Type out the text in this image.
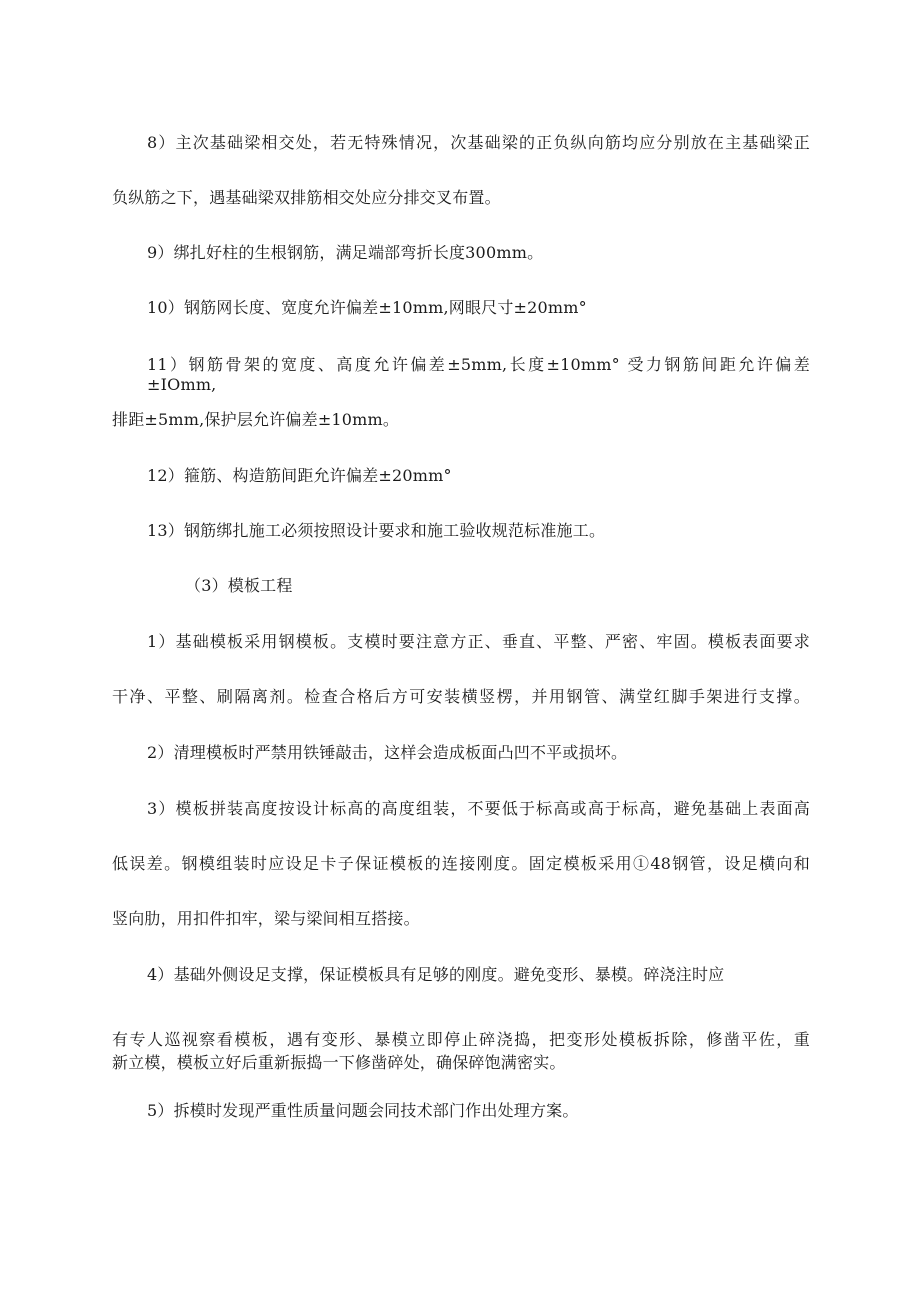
8）主次基础梁相交处，若无特殊情况，次基础梁的正负纵向筋均应分别放在主基础梁正
负纵筋之下，遇基础梁双排筋相交处应分排交叉布置。
9）绑扎好柱的生根钢筋，满足端部弯折长度300mm。
10）钢筋网长度、宽度允许偏差±10mm,网眼尺寸±20mm°
11）钢筋骨架的宽度、高度允许偏差±5mm,长度±10mm° 受力钢筋间距允许偏差±IOmm,
排距±5mm,保护层允许偏差±10mm。
12）箍筋、构造筋间距允许偏差±20mm°
13）钢筋绑扎施工必须按照设计要求和施工验收规范标准施工。
（3）模板工程
1）基础模板采用钢模板。支模时要注意方正、垂直、平整、严密、牢固。模板表面要求
干净、平整、刷隔离剂。检查合格后方可安装横竖楞，并用钢管、满堂红脚手架进行支撑。
2）清理模板时严禁用铁锤敲击，这样会造成板面凸凹不平或损坏。
3）模板拼装高度按设计标高的高度组装，不要低于标高或高于标高，避免基础上表面高
低误差。钢模组装时应设足卡子保证模板的连接刚度。固定模板采用①48钢管，设足横向和
竖向肋，用扣件扣牢，梁与梁间相互搭接。
4）基础外侧设足支撑，保证模板具有足够的刚度。避免变形、暴模。碎浇注时应
有专人巡视察看模板，遇有变形、暴模立即停止碎浇捣，把变形处模板拆除，修凿平佐，重
新立模，模板立好后重新振捣一下修凿碎处，确保碎饱满密实。
5）拆模时发现严重性质量问题会同技术部门作出处理方案。
